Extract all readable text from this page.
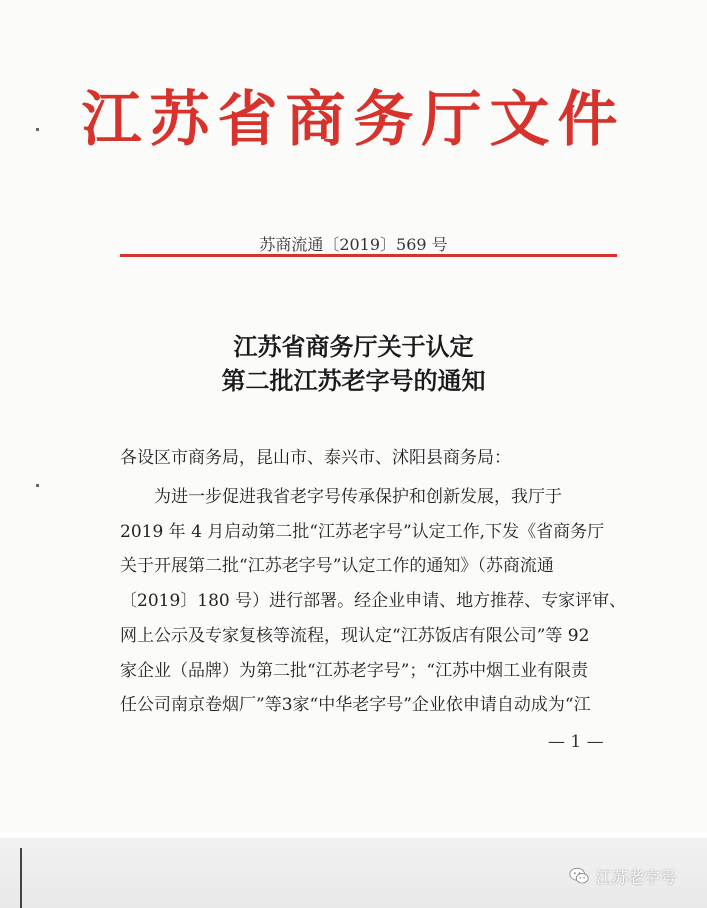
江苏省商务厅文件
苏商流通〔2019〕569 号
江苏省商务厅关于认定
第二批江苏老字号的通知
各设区市商务局，昆山市、泰兴市、沭阳县商务局：
　　为进一步促进我省老字号传承保护和创新发展，我厅于
2019 年 4 月启动第二批“江苏老字号”认定工作,下发《省商务厅
关于开展第二批“江苏老字号”认定工作的通知》（苏商流通
〔2019〕180 号）进行部署。经企业申请、地方推荐、专家评审、
网上公示及专家复核等流程，现认定“江苏饭店有限公司”等 92
家企业（品牌）为第二批“江苏老字号”；“江苏中烟工业有限责
任公司南京卷烟厂”等3家“中华老字号”企业依申请自动成为“江
— 1 —
江苏老字号
